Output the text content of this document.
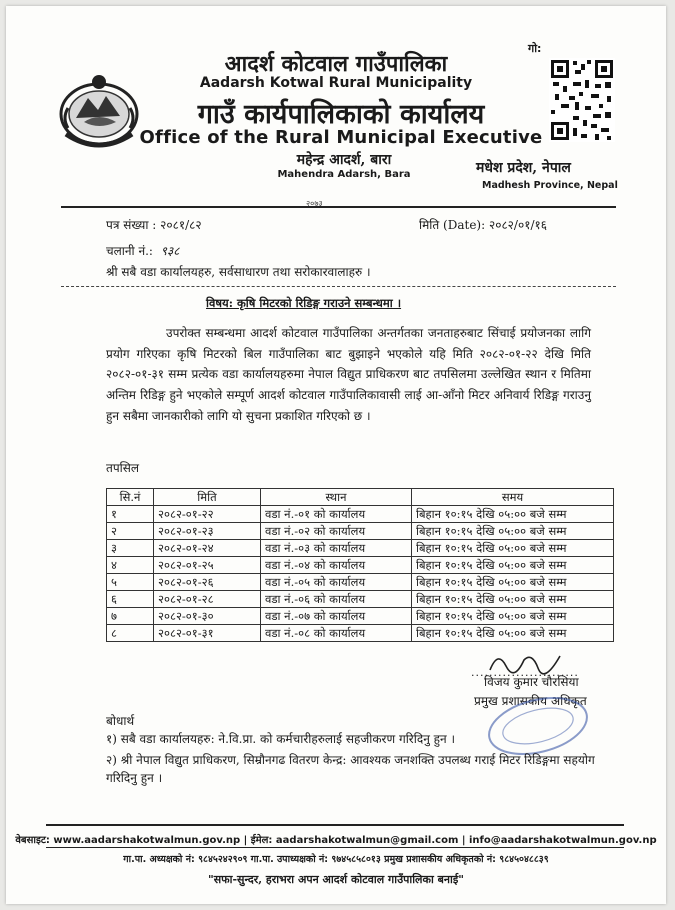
गो:
आदर्श कोटवाल गाउँपालिका
Aadarsh Kotwal Rural Municipality
गाउँ कार्यपालिकाको कार्यालय
Office of the Rural Municipal Executive
महेन्द्र आदर्श, बारा
Mahendra Adarsh, Bara
२०७३
मधेश प्रदेश, नेपाल
Madhesh Province, Nepal
पत्र संख्या : २०८१/८२	मिति (Date): २०८२/०१/१६
चलानी नं.: ९३८
श्री सबै वडा कार्यालयहरु, सर्वसाधारण तथा सरोकारवालाहरु ।
विषय: कृषि मिटरको रिडिङ्ग गराउने सम्बन्धमा ।
उपरोक्त सम्बन्धमा आदर्श कोटवाल गाउँपालिका अन्तर्गतका जनताहरुबाट सिंचाई प्रयोजनका लागि प्रयोग गरिएका कृषि मिटरको बिल गाउँपालिका बाट बुझाइने भएकोले यहि मिति २०८२-०१-२२ देखि मिति २०८२-०१-३१ सम्म प्रत्येक वडा कार्यालयहरुमा नेपाल विद्युत प्राधिकरण बाट तपसिलमा उल्लेखित स्थान र मितिमा अन्तिम रिडिङ्ग हुने भएकोले सम्पूर्ण आदर्श कोटवाल गाउँपालिकावासी लाई आ-आँनो मिटर अनिवार्य रिडिङ्ग गराउनु हुन सबैमा जानकारीको लागि यो सुचना प्रकाशित गरिएको छ ।
तपसिल
सि.नं	मिति	स्थान	समय
१	२०८२-०१-२२	वडा नं.-०१ को कार्यालय	बिहान १०:१५ देखि ०५:०० बजे सम्म
२	२०८२-०१-२३	वडा नं.-०२ को कार्यालय	बिहान १०:१५ देखि ०५:०० बजे सम्म
३	२०८२-०१-२४	वडा नं.-०३ को कार्यालय	बिहान १०:१५ देखि ०५:०० बजे सम्म
४	२०८२-०१-२५	वडा नं.-०४ को कार्यालय	बिहान १०:१५ देखि ०५:०० बजे सम्म
५	२०८२-०१-२६	वडा नं.-०५ को कार्यालय	बिहान १०:१५ देखि ०५:०० बजे सम्म
६	२०८२-०१-२८	वडा नं.-०६ को कार्यालय	बिहान १०:१५ देखि ०५:०० बजे सम्म
७	२०८२-०१-३०	वडा नं.-०७ को कार्यालय	बिहान १०:१५ देखि ०५:०० बजे सम्म
८	२०८२-०१-३१	वडा नं.-०८ को कार्यालय	बिहान १०:१५ देखि ०५:०० बजे सम्म
........................
विजय कुमार चौरसिया
प्रमुख प्रशासकीय अधिकृत
बोधार्थ
१) सबै वडा कार्यालयहरु: ने.वि.प्रा. को कर्मचारीहरुलाई सहजीकरण गरिदिनु हुन ।
२) श्री नेपाल विद्युत प्राधिकरण, सिम्रौनगढ वितरण केन्द्र: आवश्यक जनशक्ति उपलब्ध गराई मिटर रिडिङ्गमा सहयोग गरिदिनु हुन ।
वेबसाइट: www.aadarshakotwalmun.gov.np | ईमेल: aadarshakotwalmun@gmail.com | info@aadarshakotwalmun.gov.np
गा.पा. अध्यक्षको नं: ९८४५२४२९०९ गा.पा. उपाध्यक्षको नं: ९७४५८५८०१३ प्रमुख प्रशासकीय अधिकृतको नं: ९८४५०४८८३९
"सफा-सुन्दर, हराभरा अपन आदर्श कोटवाल गाउँपालिका बनाई"
